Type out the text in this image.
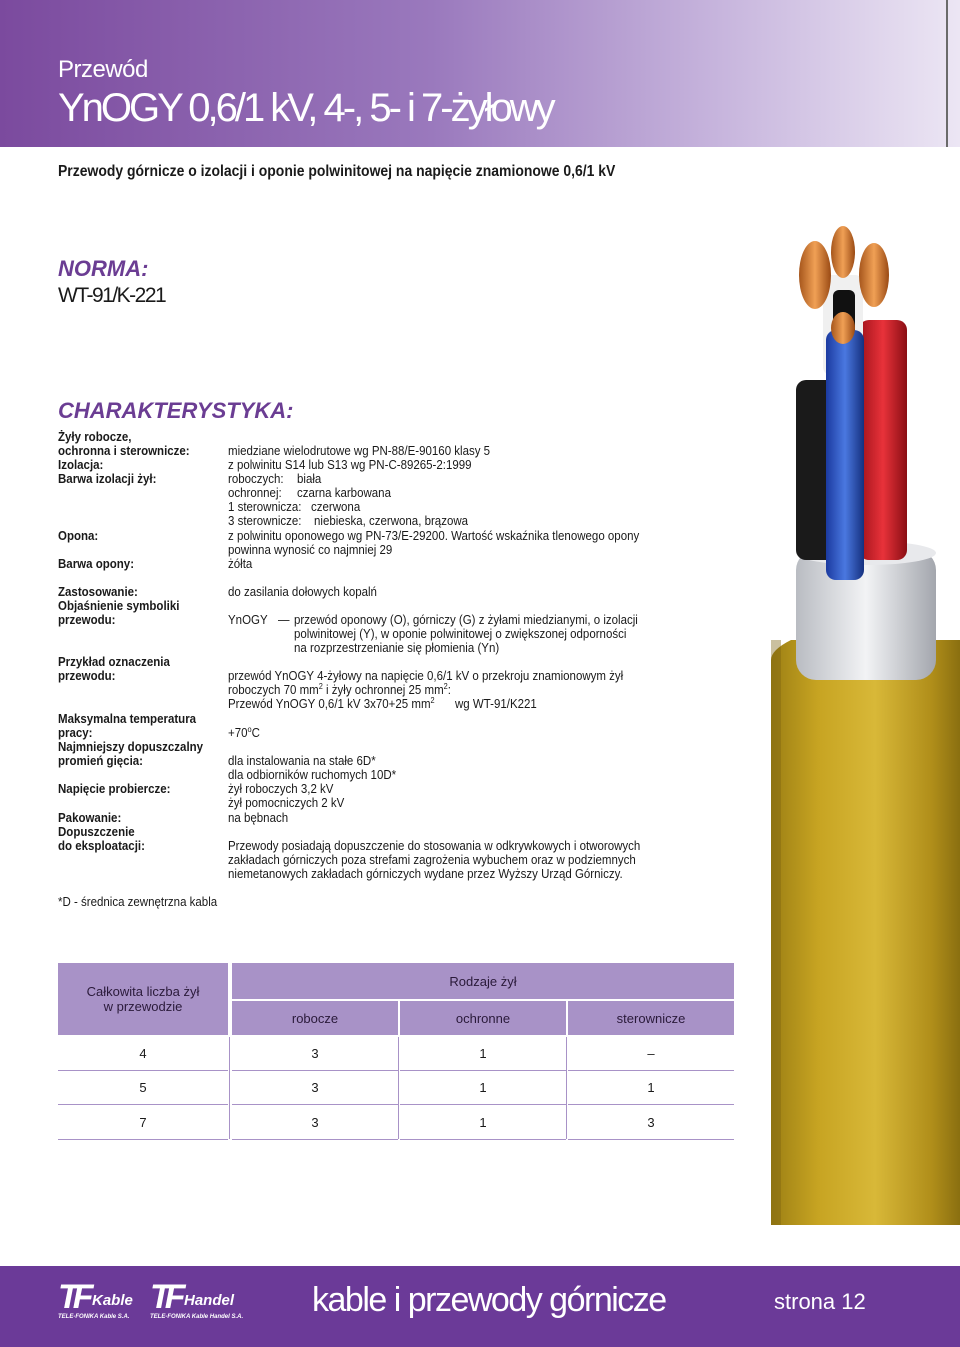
Przewód
YnOGY 0,6/1 kV, 4-, 5- i 7-żyłowy
Przewody górnicze o izolacji i oponie polwinitowej na napięcie znamionowe 0,6/1 kV
NORMA:
WT-91/K-221
CHARAKTERYSTYKA:
Żyły robocze,
ochronna i sterownicze:	miedziane wielodrutowe wg PN-88/E-90160 klasy 5
Izolacja:	z polwinitu S14 lub S13 wg PN-C-89265-2:1999
Barwa izolacji żył:	roboczych: biała
ochronnej: czarna karbowana
1 sterownicza: czerwona
3 sterownicze: niebieska, czerwona, brązowa
Opona:	z polwinitu oponowego wg PN-73/E-29200. Wartość wskaźnika tlenowego opony
powinna wynosić co najmniej 29
Barwa opony:	żółta
Zastosowanie:	do zasilania dołowych kopalń
Objaśnienie symboliki
przewodu:	YnOGY — przewód oponowy (O), górniczy (G) z żyłami miedzianymi, o izolacji
polwinitowej (Y), w oponie polwinitowej o zwiększonej odporności
na rozprzestrzenianie się płomienia (Yn)
Przykład oznaczenia
przewodu:	przewód YnOGY 4-żyłowy na napięcie 0,6/1 kV o przekroju znamionowym żył
roboczych 70 $mm^2$ i żyły ochronnej 25 $mm^2$:
Przewód YnOGY 0,6/1 kV 3x70+25 $mm^2$ wg WT-91/K221
Maksymalna temperatura
pracy:	$+70^oC$
Najmniejszy dopuszczalny
promień gięcia:	dla instalowania na stałe 6D*
dla odbiorników ruchomych 10D*
Napięcie probiercze:	żył roboczych 3,2 kV
żył pomocniczych 2 kV
Pakowanie:	na bębnach
Dopuszczenie
do eksploatacji:	Przewody posiadają dopuszczenie do stosowania w odkrywkowych i otworowych
zakładach górniczych poza strefami zagrożenia wybuchem oraz w podziemnych
niemetanowych zakładach górniczych wydane przez Wyższy Urząd Górniczy.
*D - średnica zewnętrzna kabla
Całkowita liczba żył
w przewodzie
Rodzaje żył
robocze	ochronne	sterownicze
4	3	1	–
5	3	1	1
7	3	1	3
TF Kable
TELE-FONIKA Kable S.A.
TF Handel
TELE-FONIKA Kable Handel S.A. kable i przewody górnicze	strona 12
